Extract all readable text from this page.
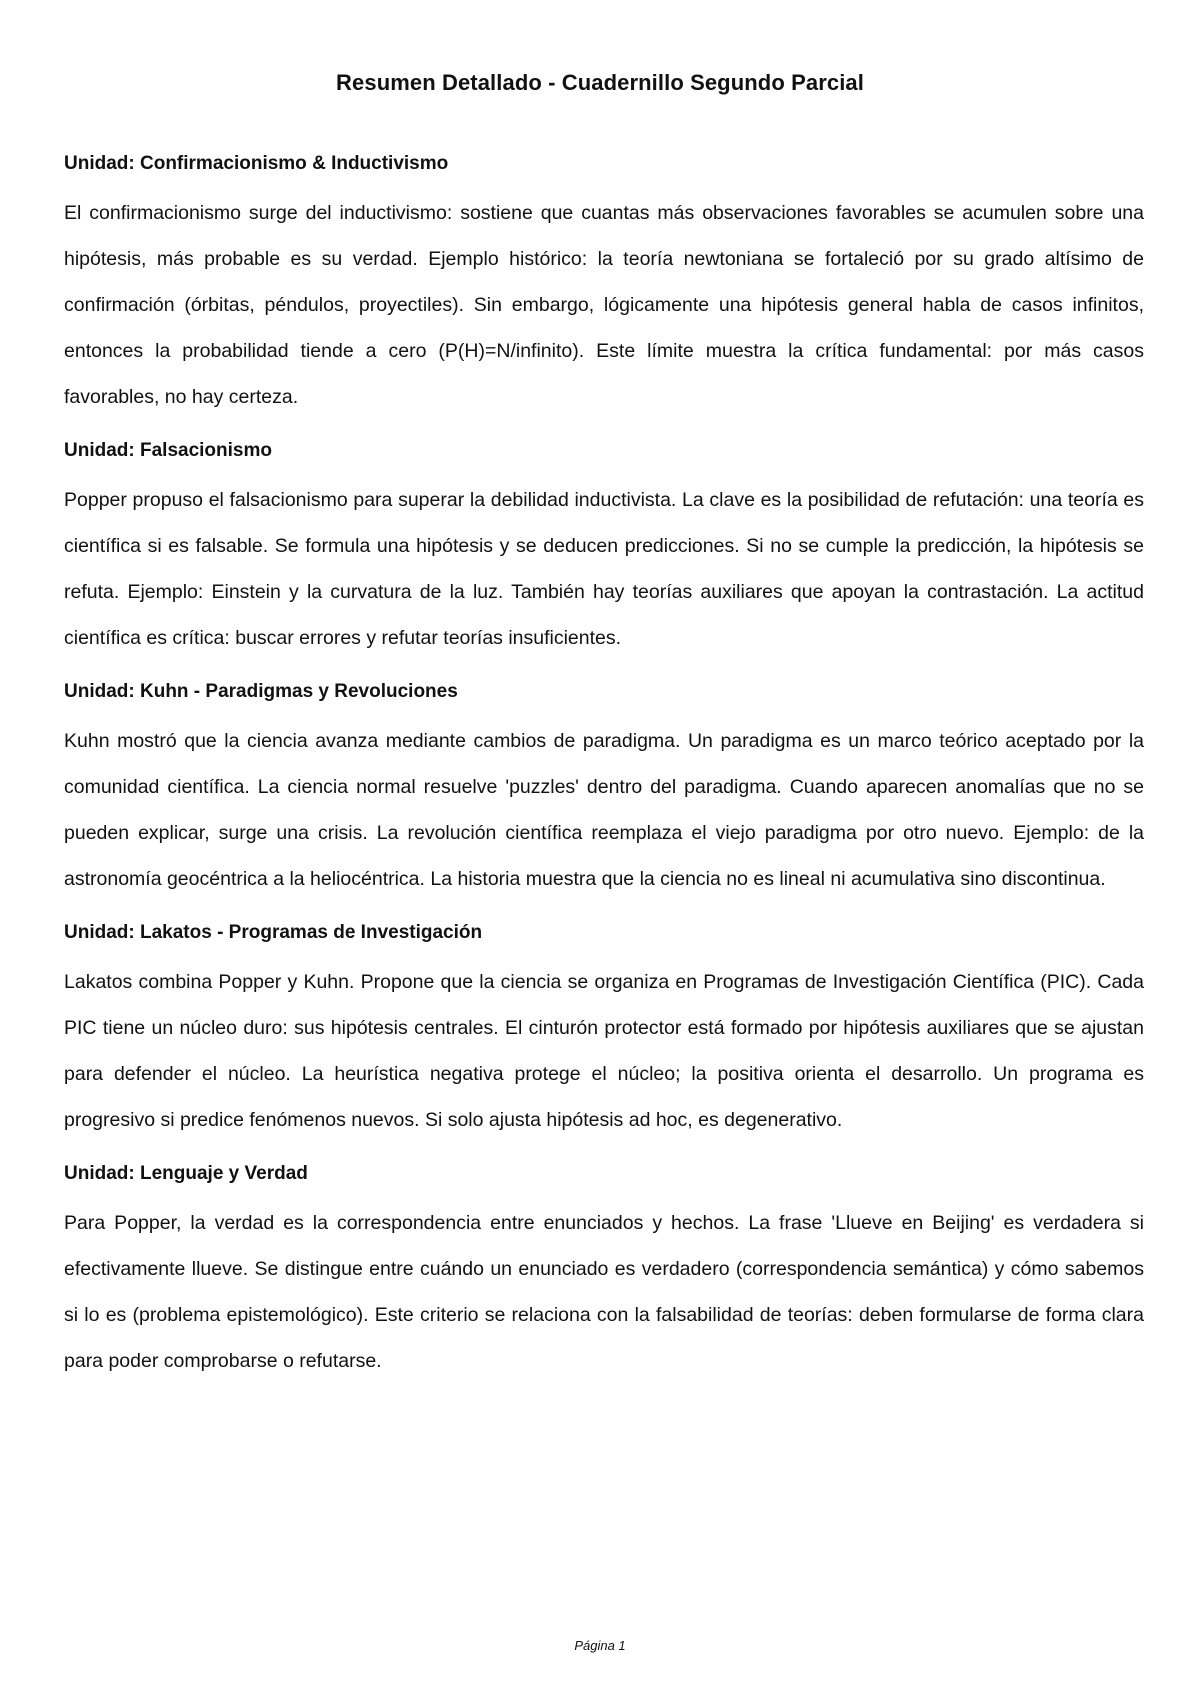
Resumen Detallado - Cuadernillo Segundo Parcial
Unidad: Confirmacionismo & Inductivismo

El confirmacionismo surge del inductivismo: sostiene que cuantas más observaciones favorables se acumulen sobre una hipótesis, más probable es su verdad. Ejemplo histórico: la teoría newtoniana se fortaleció por su grado altísimo de confirmación (órbitas, péndulos, proyectiles). Sin embargo, lógicamente una hipótesis general habla de casos infinitos, entonces la probabilidad tiende a cero (P(H)=N/infinito). Este límite muestra la crítica fundamental: por más casos favorables, no hay certeza.

Unidad: Falsacionismo

Popper propuso el falsacionismo para superar la debilidad inductivista. La clave es la posibilidad de refutación: una teoría es científica si es falsable. Se formula una hipótesis y se deducen predicciones. Si no se cumple la predicción, la hipótesis se refuta. Ejemplo: Einstein y la curvatura de la luz. También hay teorías auxiliares que apoyan la contrastación. La actitud científica es crítica: buscar errores y refutar teorías insuficientes.

Unidad: Kuhn - Paradigmas y Revoluciones

Kuhn mostró que la ciencia avanza mediante cambios de paradigma. Un paradigma es un marco teórico aceptado por la comunidad científica. La ciencia normal resuelve 'puzzles' dentro del paradigma. Cuando aparecen anomalías que no se pueden explicar, surge una crisis. La revolución científica reemplaza el viejo paradigma por otro nuevo. Ejemplo: de la astronomía geocéntrica a la heliocéntrica. La historia muestra que la ciencia no es lineal ni acumulativa sino discontinua.

Unidad: Lakatos - Programas de Investigación

Lakatos combina Popper y Kuhn. Propone que la ciencia se organiza en Programas de Investigación Científica (PIC). Cada PIC tiene un núcleo duro: sus hipótesis centrales. El cinturón protector está formado por hipótesis auxiliares que se ajustan para defender el núcleo. La heurística negativa protege el núcleo; la positiva orienta el desarrollo. Un programa es progresivo si predice fenómenos nuevos. Si solo ajusta hipótesis ad hoc, es degenerativo.

Unidad: Lenguaje y Verdad

Para Popper, la verdad es la correspondencia entre enunciados y hechos. La frase 'Llueve en Beijing' es verdadera si efectivamente llueve. Se distingue entre cuándo un enunciado es verdadero (correspondencia semántica) y cómo sabemos si lo es (problema epistemológico). Este criterio se relaciona con la falsabilidad de teorías: deben formularse de forma clara para poder comprobarse o refutarse.

Página 1
